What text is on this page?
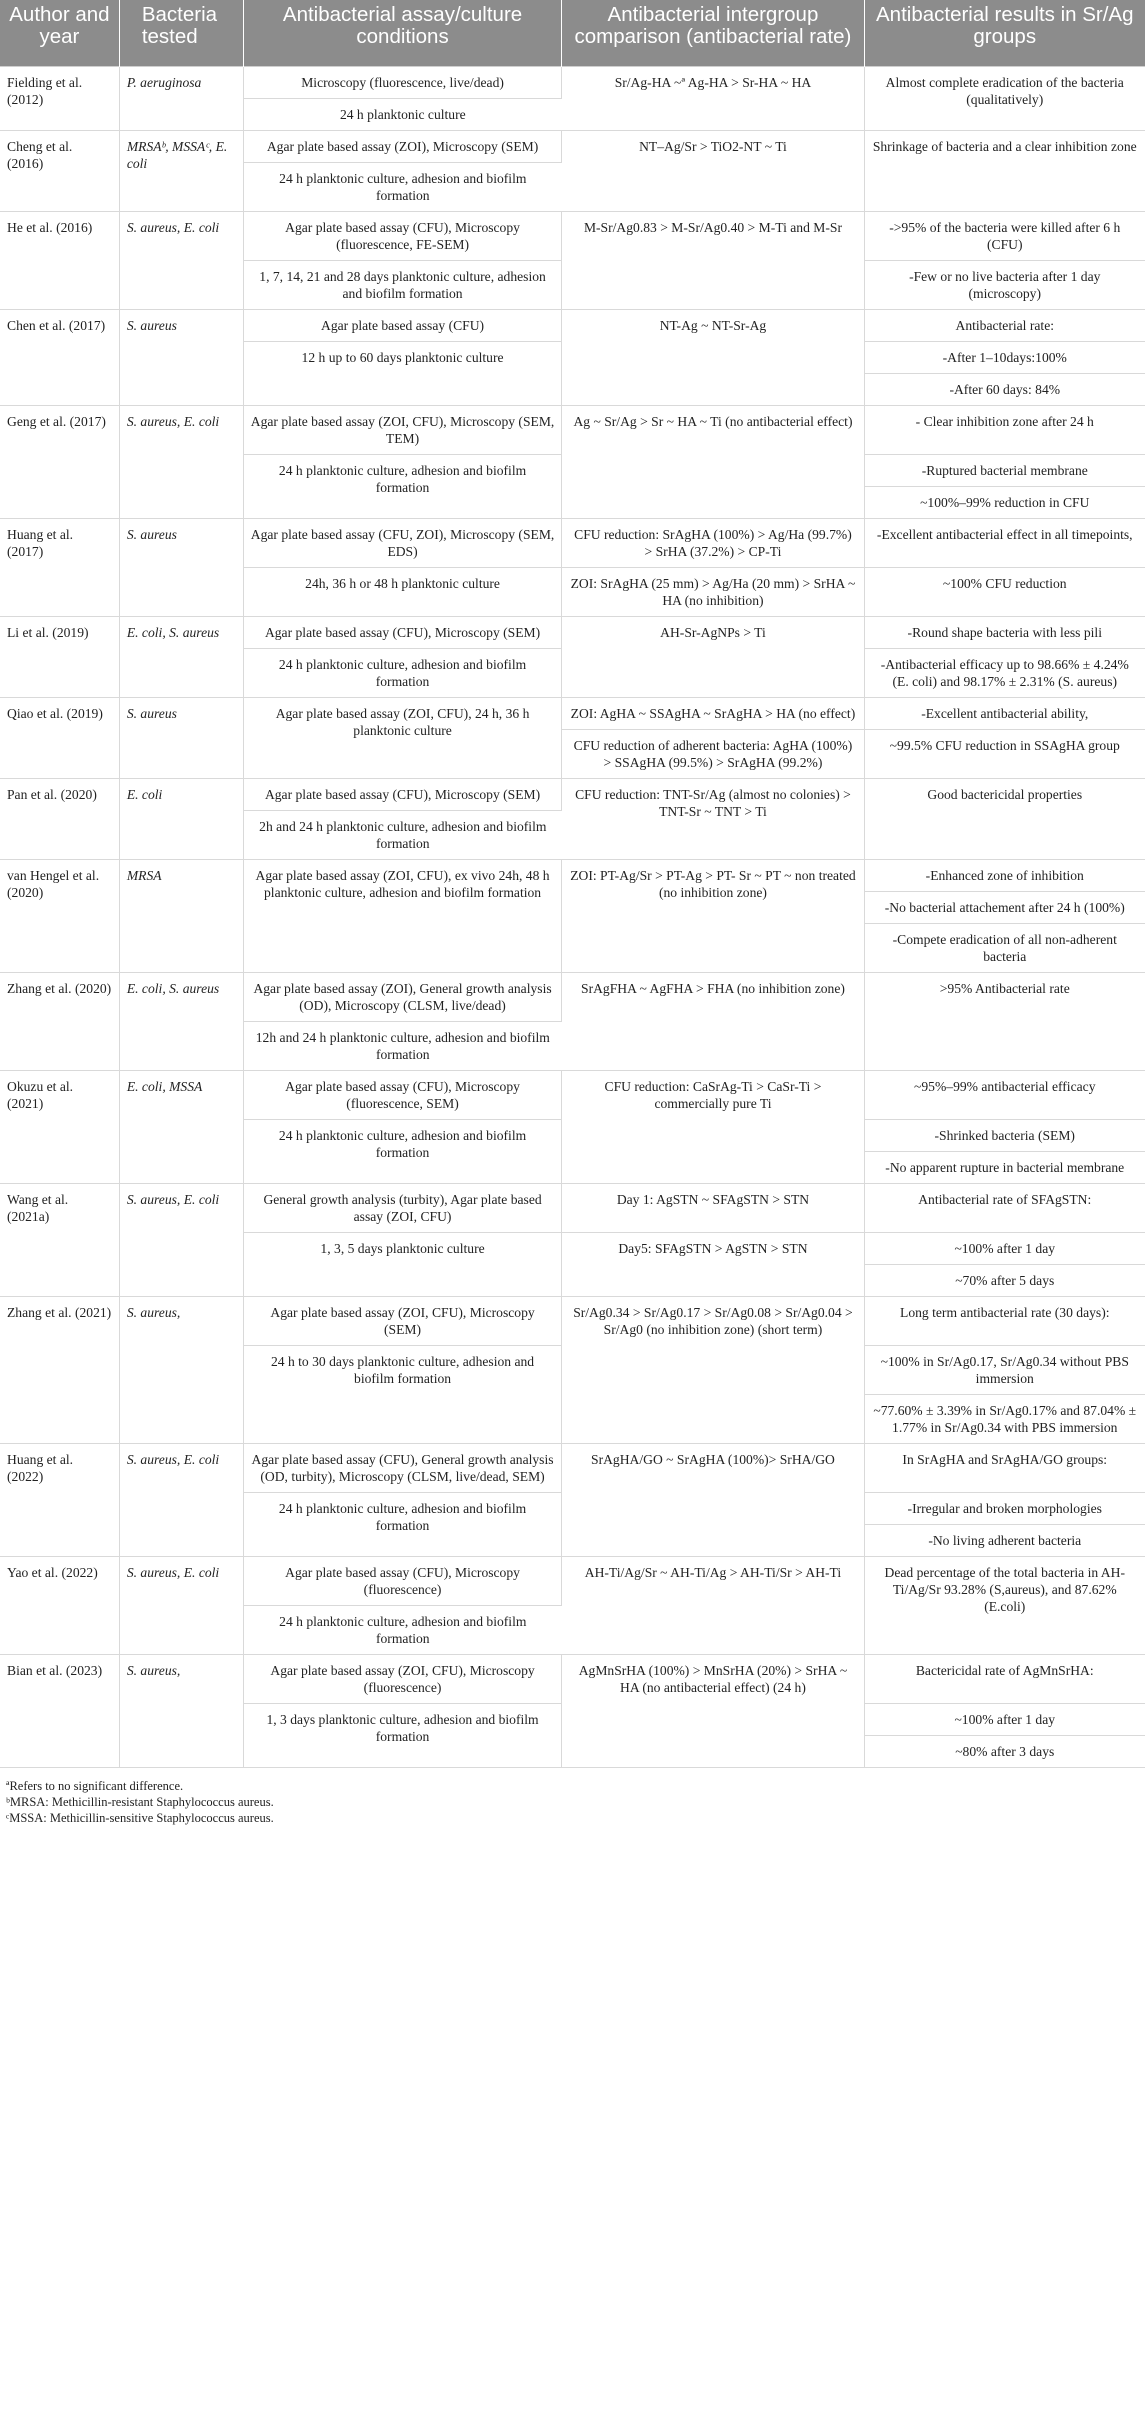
Author and year	Bacteria tested	Antibacterial assay/culture conditions	Antibacterial intergroup comparison (antibacterial rate)	Antibacterial results in Sr/Ag groups
Fielding et al. (2012)	P. aeruginosa	Microscopy (fluorescence, live/dead)	Sr/Ag-HA ~ª Ag-HA > Sr-HA ~ HA	Almost complete eradication of the bacteria (qualitatively)
		24 h planktonic culture		
Cheng et al. (2016)	MRSAᵇ, MSSAᶜ, E. coli	Agar plate based assay (ZOI), Microscopy (SEM)	NT–Ag/Sr > TiO2-NT ~ Ti	Shrinkage of bacteria and a clear inhibition zone
		24 h planktonic culture, adhesion and biofilm formation		
He et al. (2016)	S. aureus, E. coli	Agar plate based assay (CFU), Microscopy (fluorescence, FE-SEM)	M-Sr/Ag0.83 > M-Sr/Ag0.40 > M-Ti and M-Sr	->95% of the bacteria were killed after 6 h (CFU)
		1, 7, 14, 21 and 28 days planktonic culture, adhesion and biofilm formation		-Few or no live bacteria after 1 day (microscopy)
Chen et al. (2017)	S. aureus	Agar plate based assay (CFU)	NT-Ag ~ NT-Sr-Ag	Antibacterial rate:
		12 h up to 60 days planktonic culture		-After 1–10days:100%
				-After 60 days: 84%
Geng et al. (2017)	S. aureus, E. coli	Agar plate based assay (ZOI, CFU), Microscopy (SEM, TEM)	Ag ~ Sr/Ag > Sr ~ HA ~ Ti (no antibacterial effect)	- Clear inhibition zone after 24 h
		24 h planktonic culture, adhesion and biofilm formation		-Ruptured bacterial membrane
				~100%–99% reduction in CFU
Huang et al. (2017)	S. aureus	Agar plate based assay (CFU, ZOI), Microscopy (SEM, EDS)	CFU reduction: SrAgHA (100%) > Ag/Ha (99.7%) > SrHA (37.2%) > CP-Ti	-Excellent antibacterial effect in all timepoints,
		24h, 36 h or 48 h planktonic culture	ZOI: SrAgHA (25 mm) > Ag/Ha (20 mm) > SrHA ~ HA (no inhibition)	~100% CFU reduction
Li et al. (2019)	E. coli, S. aureus	Agar plate based assay (CFU), Microscopy (SEM)	AH-Sr-AgNPs > Ti	-Round shape bacteria with less pili
		24 h planktonic culture, adhesion and biofilm formation		-Antibacterial efficacy up to 98.66% ± 4.24% (E. coli) and 98.17% ± 2.31% (S. aureus)
Qiao et al. (2019)	S. aureus	Agar plate based assay (ZOI, CFU), 24 h, 36 h planktonic culture	ZOI: AgHA ~ SSAgHA ~ SrAgHA > HA (no effect)	-Excellent antibacterial ability,
			CFU reduction of adherent bacteria: AgHA (100%) > SSAgHA (99.5%) > SrAgHA (99.2%)	~99.5% CFU reduction in SSAgHA group
Pan et al. (2020)	E. coli	Agar plate based assay (CFU), Microscopy (SEM)	CFU reduction: TNT-Sr/Ag (almost no colonies) > TNT-Sr ~ TNT > Ti	Good bactericidal properties
		2h and 24 h planktonic culture, adhesion and biofilm formation		
van Hengel et al. (2020)	MRSA	Agar plate based assay (ZOI, CFU), ex vivo 24h, 48 h planktonic culture, adhesion and biofilm formation	ZOI: PT-Ag/Sr > PT-Ag > PT- Sr ~ PT ~ non treated (no inhibition zone)	-Enhanced zone of inhibition
				-No bacterial attachement after 24 h (100%)
				-Compete eradication of all non-adherent bacteria
Zhang et al. (2020)	E. coli, S. aureus	Agar plate based assay (ZOI), General growth analysis (OD), Microscopy (CLSM, live/dead)	SrAgFHA ~ AgFHA > FHA (no inhibition zone)	>95% Antibacterial rate
		12h and 24 h planktonic culture, adhesion and biofilm formation		
Okuzu et al. (2021)	E. coli, MSSA	Agar plate based assay (CFU), Microscopy (fluorescence, SEM)	CFU reduction: CaSrAg-Ti > CaSr-Ti > commercially pure Ti	~95%–99% antibacterial efficacy
		24 h planktonic culture, adhesion and biofilm formation		-Shrinked bacteria (SEM)
				-No apparent rupture in bacterial membrane
Wang et al. (2021a)	S. aureus, E. coli	General growth analysis (turbity), Agar plate based assay (ZOI, CFU)	Day 1: AgSTN ~ SFAgSTN > STN	Antibacterial rate of SFAgSTN:
		1, 3, 5 days planktonic culture	Day5: SFAgSTN > AgSTN > STN	~100% after 1 day
				~70% after 5 days
Zhang et al. (2021)	S. aureus,	Agar plate based assay (ZOI, CFU), Microscopy (SEM)	Sr/Ag0.34 > Sr/Ag0.17 > Sr/Ag0.08 > Sr/Ag0.04 > Sr/Ag0 (no inhibition zone) (short term)	Long term antibacterial rate (30 days):
		24 h to 30 days planktonic culture, adhesion and biofilm formation		~100% in Sr/Ag0.17, Sr/Ag0.34 without PBS immersion
				~77.60% ± 3.39% in Sr/Ag0.17% and 87.04% ± 1.77% in Sr/Ag0.34 with PBS immersion
Huang et al. (2022)	S. aureus, E. coli	Agar plate based assay (CFU), General growth analysis (OD, turbity), Microscopy (CLSM, live/dead, SEM)	SrAgHA/GO ~ SrAgHA (100%)> SrHA/GO	In SrAgHA and SrAgHA/GO groups:
		24 h planktonic culture, adhesion and biofilm formation		-Irregular and broken morphologies
				-No living adherent bacteria
Yao et al. (2022)	S. aureus, E. coli	Agar plate based assay (CFU), Microscopy (fluorescence)	AH-Ti/Ag/Sr ~ AH-Ti/Ag > AH-Ti/Sr > AH-Ti	Dead percentage of the total bacteria in AH-Ti/Ag/Sr 93.28% (S,aureus), and 87.62% (E.coli)
		24 h planktonic culture, adhesion and biofilm formation		
Bian et al. (2023)	S. aureus,	Agar plate based assay (ZOI, CFU), Microscopy (fluorescence)	AgMnSrHA (100%) > MnSrHA (20%) > SrHA ~ HA (no antibacterial effect) (24 h)	Bactericidal rate of AgMnSrHA:
		1, 3 days planktonic culture, adhesion and biofilm formation		~100% after 1 day
				~80% after 3 days
ªRefers to no significant difference.
ᵇMRSA: Methicillin-resistant Staphylococcus aureus.
ᶜMSSA: Methicillin-sensitive Staphylococcus aureus.
